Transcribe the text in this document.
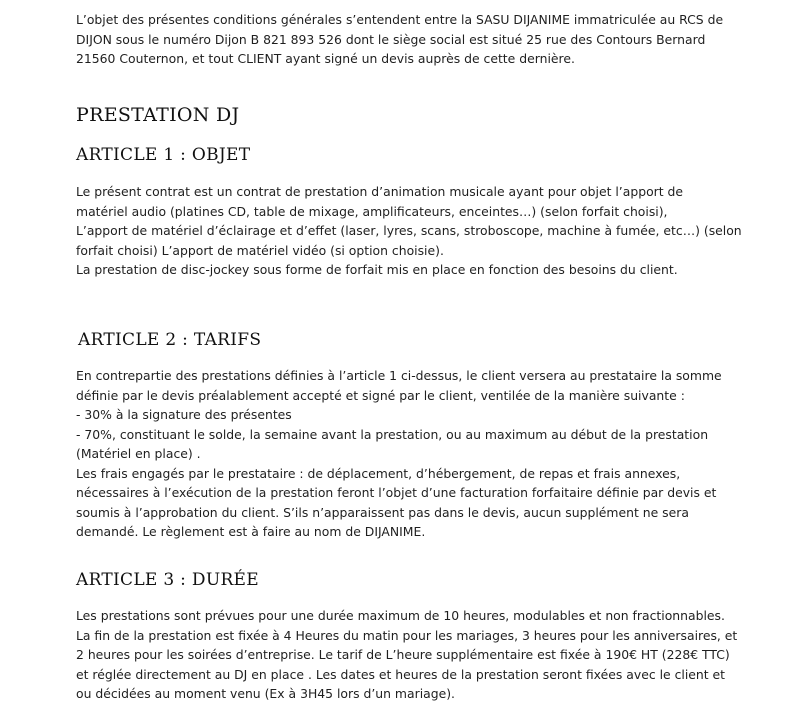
L’objet des présentes conditions générales s’entendent entre la SASU DIJANIME immatriculée au RCS de
DIJON sous le numéro Dijon B 821 893 526 dont le siège social est situé 25 rue des Contours Bernard
21560 Couternon, et tout CLIENT ayant signé un devis auprès de cette dernière.

PRESTATION DJ
ARTICLE 1 : OBJET

Le présent contrat est un contrat de prestation d’animation musicale ayant pour objet l’apport de
matériel audio (platines CD, table de mixage, amplificateurs, enceintes…) (selon forfait choisi),
L’apport de matériel d’éclairage et d’effet (laser, lyres, scans, stroboscope, machine à fumée, etc…) (selon
forfait choisi) L’apport de matériel vidéo (si option choisie).
La prestation de disc-jockey sous forme de forfait mis en place en fonction des besoins du client.

ARTICLE 2 : TARIFS

En contrepartie des prestations définies à l’article 1 ci-dessus, le client versera au prestataire la somme
définie par le devis préalablement accepté et signé par le client, ventilée de la manière suivante :
- 30% à la signature des présentes
- 70%, constituant le solde, la semaine avant la prestation, ou au maximum au début de la prestation
(Matériel en place) .
Les frais engagés par le prestataire : de déplacement, d’hébergement, de repas et frais annexes,
nécessaires à l’exécution de la prestation feront l’objet d’une facturation forfaitaire définie par devis et
soumis à l’approbation du client. S’ils n’apparaissent pas dans le devis, aucun supplément ne sera
demandé. Le règlement est à faire au nom de DIJANIME.

ARTICLE 3 : DURÉE

Les prestations sont prévues pour une durée maximum de 10 heures, modulables et non fractionnables.
La fin de la prestation est fixée à 4 Heures du matin pour les mariages, 3 heures pour les anniversaires, et
2 heures pour les soirées d’entreprise. Le tarif de L’heure supplémentaire est fixée à 190€ HT (228€ TTC)
et réglée directement au DJ en place . Les dates et heures de la prestation seront fixées avec le client et
ou décidées au moment venu (Ex à 3H45 lors d’un mariage).
